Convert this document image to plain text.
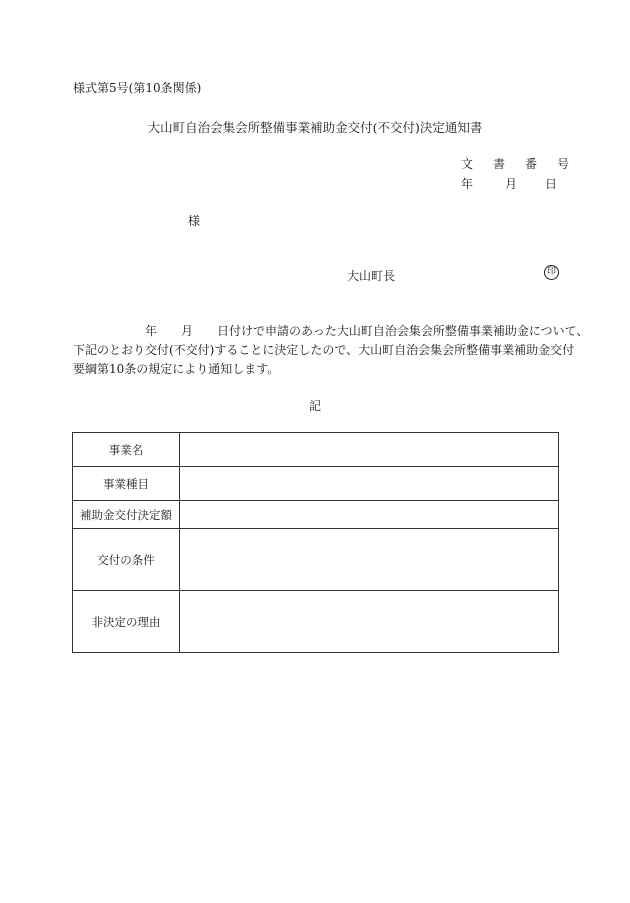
様式第5号(第10条関係)
大山町自治会集会所整備事業補助金交付(不交付)決定通知書
文 書 番 号
年	月 日
様
大山町長	印
　　　　　　年　　月　　日付けで申請のあった大山町自治会集会所整備事業補助金について、
下記のとおり交付(不交付)することに決定したので、大山町自治会集会所整備事業補助金交付
要綱第10条の規定により通知します。
記
事業名	
事業種目	
補助金交付決定額	
交付の条件	
非決定の理由	
